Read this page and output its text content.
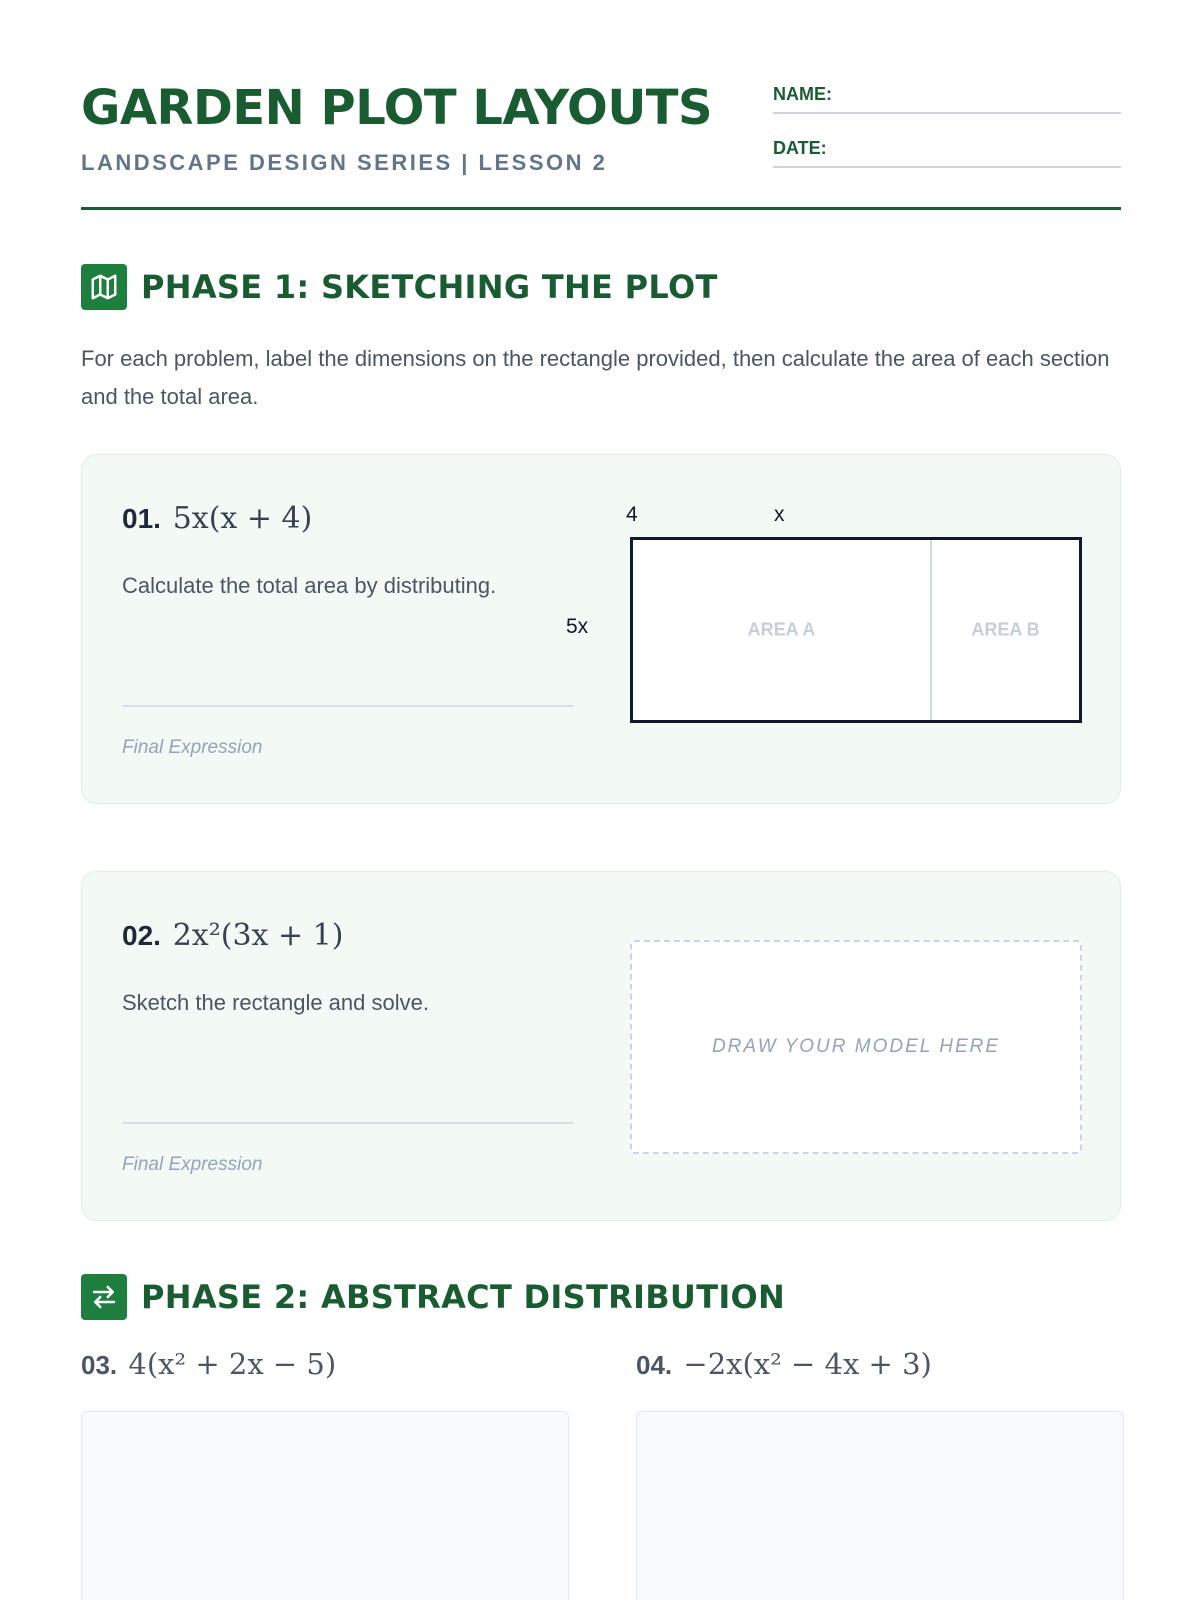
GARDEN PLOT LAYOUTS
LANDSCAPE DESIGN SERIES | LESSON 2
NAME:
DATE:
PHASE 1: SKETCHING THE PLOT
For each problem, label the dimensions on the rectangle provided, then calculate the area of each section and the total area.
01. 5x(x + 4)
Calculate the total area by distributing.
Final Expression
4	x
5x	AREA A	AREA B
02. 2x²(3x + 1)
Sketch the rectangle and solve.
Final Expression
DRAW YOUR MODEL HERE
PHASE 2: ABSTRACT DISTRIBUTION
03. 4(x² + 2x − 5)	04. −2x(x² − 4x + 3)
